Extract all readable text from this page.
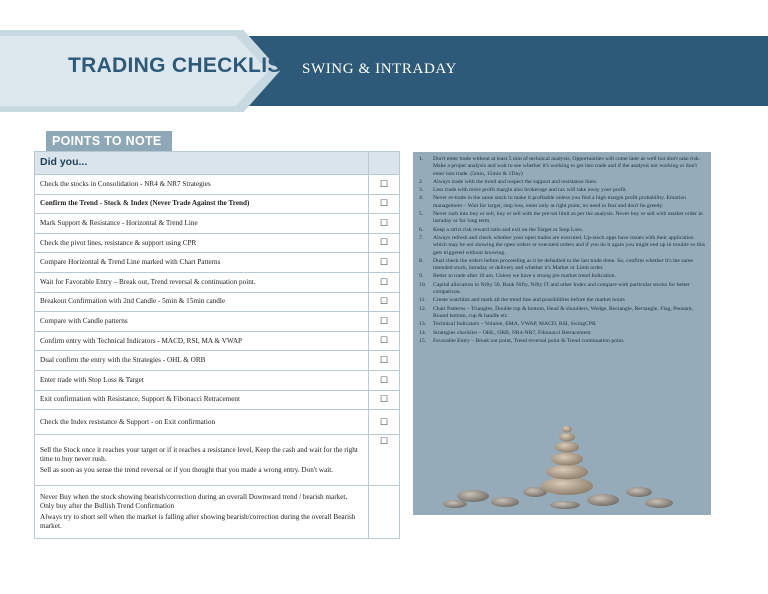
TRADING CHECKLIST SWING & INTRADAY
POINTS TO NOTE
Did you...	
Check the stocks in Consolidation - NR4 & NR7 Strategies	☐
Confirm the Trend - Stock & Index (Never Trade Against the Trend)	☐
Mark Support & Resistance - Horizontal & Trend Line	☐
Check the pivot lines, resistance & support using CPR	☐
Compare Horizontal & Trend Line marked with Chart Patterns	☐
Wait for Favorable Entry – Break out, Trend reversal & continuation point.	☐
Breakout Confirmation with 2nd Candle - 5min & 15min candle	☐
Compare with Candle patterns	☐
Confirm entry with Technical Indicators - MACD, RSI, MA & VWAP	☐
Dual confirm the entry with the Strategies - OHL & ORB	☐
Enter trade with Stop Loss & Target	☐
Exit confirmation with Resistance, Support & Fibonacci Retracement	☐
Check the Index resistance & Support - on Exit confirmation	☐

Sell the Stock once it reaches your target or if it reaches a resistance level, Keep the cash and wait for the right time to buy never rush.
Sell as soon as you sense the trend reversal or if you thought that you made a wrong entry. Don't wait.	☐

Never Buy when the stock showing bearish/correction during an overall Downward trend / bearish market, Only buy after the Bullish Trend Confirmation
Always try to short sell when the market is falling after showing bearish/correction during the overall Bearish market.	

1.	Don't enter trade without at least 5 min of technical analysis, Opportunities will come later as well but don't take risk. Make a proper analysis and wait to see whether it's working to get into trade and if the analysis not working or don't enter into trade. (5min, 15min & 1Day)
2.	Always trade with the trend and respect the support and resistance lines.
3.	Less trade with more profit margin also brokerage and tax will take away your profit.
4.	Never re-trade in the same stock to make it profitable unless you find a high margin profit probability. Emotion management – Wait for target, stop loss, enter only at right point, no need to fear and don't be greedy.
5.	Never rush into buy or sell, buy or sell with the pre-set limit as per the analysis. Never buy or sell with market order in intraday or for long term.
6.	Keep a strict risk reward ratio and exit on the Target or Stop Loss.
7.	Always refresh and check whether your open trades are executed. Up-stock apps have issues with their application which may be not showing the open orders or executed orders and if you do it again you might end up in trouble so this gets triggered without knowing.
8.	Dual check the orders before proceeding as it be defaulted to the last trade done. So, confirm whether it's the same intended stock, intraday or delivery and whether it's Market or Limit order.
9.	Better to trade after 10 am. Unless we have a strong pre market trend Indication.
10.	Capital allocation to Nifty 50, Bank Nifty, Nifty IT and other Index and compare with particular stocks for better comparison.
11.	Create watchlist and mark all the trend line and possibilities before the market hours
12.	Chart Patterns – Triangles, Double top & bottom, Head & shoulders, Wedge, Rectangle, Rectangle, Flag, Pennant, Round bottom, cup & handle etc.
13.	Technical Indicators – Volume, EMA, VWAP, MACD, RSI, SwingCPR
14.	Strategies checklist – OHL, ORB, NR4-NR7, Fibonacci Retracement
15.	Favorable Entry – Break out point, Trend reversal point & Trend continuation point.
